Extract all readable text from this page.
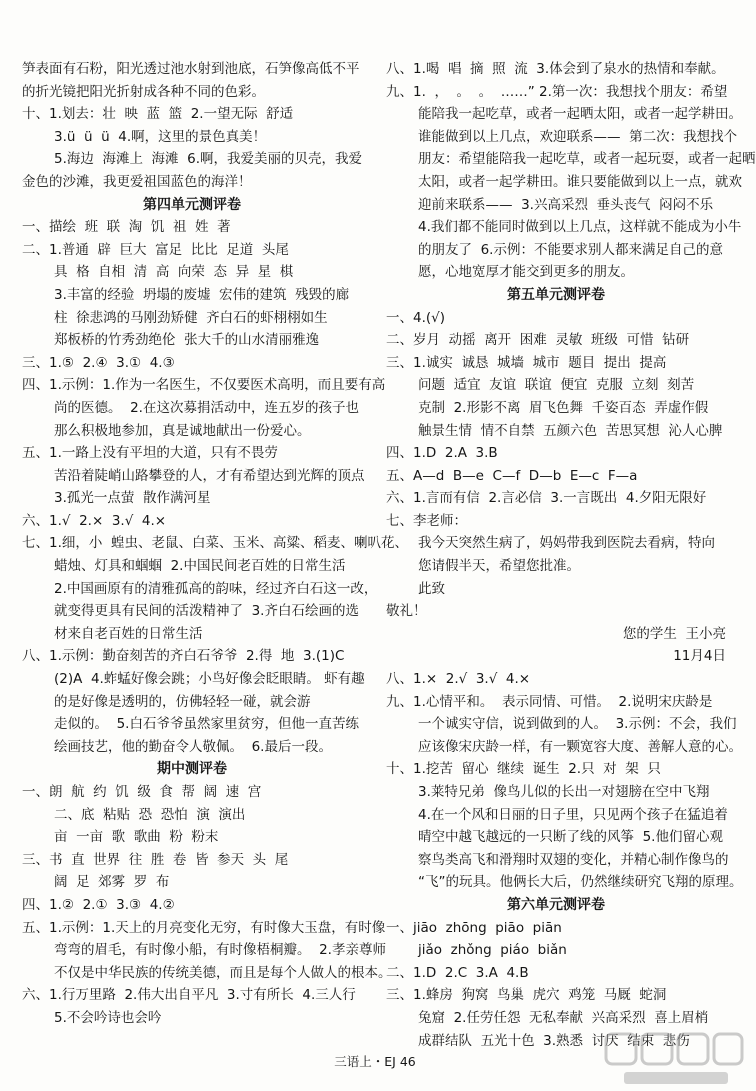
笋表面有石粉，阳光透过池水射到池底，石笋像高低不平
的折光镜把阳光折射成各种不同的色彩。
十、1.划去：壮  映  蓝  篮  2.一望无际  舒适
3.ü  ü  ü  4.啊，这里的景色真美！
5.海边  海滩上  海滩  6.啊，我爱美丽的贝壳，我爱
金色的沙滩，我更爱祖国蓝色的海洋！
第四单元测评卷
一、描绘  班  联  淘  饥  祖  姓  著
二、1.普通  辟  巨大  富足  比比  足道  头尾
具  格  自相  清  高  向荣  态  异  星  棋
3.丰富的经验  坍塌的废墟  宏伟的建筑  残毁的廊
柱  徐悲鸿的马刚劲矫健  齐白石的虾栩栩如生
郑板桥的竹秀劲绝伦  张大千的山水清丽雅逸
三、1.⑤  2.④  3.①  4.③
四、1.示例：1.作为一名医生，不仅要医术高明，而且要有高
尚的医德。  2.在这次募捐活动中，连五岁的孩子也
那么积极地参加，真是诚地献出一份爱心。
五、1.一路上没有平坦的大道，只有不畏劳
苦沿着陡峭山路攀登的人，才有希望达到光辉的顶点
3.孤光一点萤  散作满河星
六、1.√  2.×  3.√  4.×
七、1.细，小  蝗虫、老鼠、白菜、玉米、高粱、稻麦、喇叭花、
蜡烛、灯具和蝈蝈  2.中国民间老百姓的日常生活
2.中国画原有的清雅孤高的韵味，经过齐白石这一改，
就变得更具有民间的活泼精神了  3.齐白石绘画的选
材来自老百姓的日常生活
八、1.示例：勤奋刻苦的齐白石爷爷  2.得  地  3.(1)C
(2)A  4.蚱蜢好像会跳；小鸟好像会眨眼睛。 虾有趣
的是好像是透明的，仿佛轻轻一碰，就会游
走似的。  5.白石爷爷虽然家里贫穷，但他一直苦练
绘画技艺，他的勤奋令人敬佩。  6.最后一段。
期中测评卷
一、朗  航  约  饥  级  食  帮  阔  速  宫
二、底  粘贴  恐  恐怕  演  演出
亩  一亩  歌  歌曲  粉  粉末
三、书  直  世界  往  胜  卷  皆  参天  头  尾
阔  足  郊雾  罗  布
四、1.②  2.①  3.③  4.②
五、1.示例：1.天上的月亮变化无穷，有时像大玉盘，有时像
弯弯的眉毛，有时像小船，有时像梧桐瓣。  2.孝亲尊师
不仅是中华民族的传统美德，而且是每个人做人的根本。
六、1.行万里路  2.伟大出自平凡  3.寸有所长  4.三人行
5.不会吟诗也会吟
八、1.喝  唱  摘  照  流  3.体会到了泉水的热情和奉献。
九、1.  ，  。  。  ……” 2.第一次：我想找个朋友：希望
能陪我一起吃草，或者一起晒太阳，或者一起学耕田。
谁能做到以上几点，欢迎联系——  第二次：我想找个
朋友：希望能陪我一起吃草，或者一起玩耍，或者一起晒
太阳，或者一起学耕田。谁只要能做到以上一点，就欢
迎前来联系——  3.兴高采烈  垂头丧气  闷闷不乐
4.我们都不能同时做到以上几点，这样就不能成为小牛
的朋友了  6.示例：不能要求别人都来满足自己的意
愿，心地宽厚才能交到更多的朋友。
第五单元测评卷
一、4.(√)
二、岁月  动摇  离开  困难  灵敏  班级  可惜  钻研
三、1.诚实  诚恳  城墙  城市  题目  提出  提高
问题  适宜  友谊  联谊  便宜  克服  立刻  刻苦
克制  2.形影不离  眉飞色舞  千姿百态  弄虚作假
触景生情  情不自禁  五颜六色  苦思冥想  沁人心脾
四、1.D  2.A  3.B
五、A—d  B—e  C—f  D—b  E—c  F—a
六、1.言而有信  2.言必信  3.一言既出  4.夕阳无限好
七、李老师：
我今天突然生病了，妈妈带我到医院去看病，特向
您请假半天，希望您批准。
此致
敬礼！
您的学生  王小亮
11月4日
八、1.×  2.√  3.√  4.×
九、1.心情平和。  表示同情、可惜。  2.说明宋庆龄是
一个诚实守信，说到做到的人。  3.示例：不会，我们
应该像宋庆龄一样，有一颗宽容大度、善解人意的心。
十、1.挖苦  留心  继续  诞生  2.只  对  架  只
3.莱特兄弟  像鸟儿似的长出一对翅膀在空中飞翔
4.在一个风和日丽的日子里，只见两个孩子在猛追着
晴空中越飞越远的一只断了线的风筝  5.他们留心观
察鸟类高飞和滑翔时双翅的变化，并精心制作像鸟的
“飞”的玩具。他俩长大后，仍然继续研究飞翔的原理。
第六单元测评卷
一、jiāo  zhōng  piāo  piān
jiǎo  zhǒng  piáo  biǎn
二、1.D  2.C  3.A  4.B
三、1.蜂房  狗窝  鸟巢  虎穴  鸡笼  马厩  蛇洞
兔窟  2.任劳任怨  无私奉献  兴高采烈  喜上眉梢
成群结队  五光十色  3.熟悉  讨厌  结束  悲伤
三语上・EJ 46
